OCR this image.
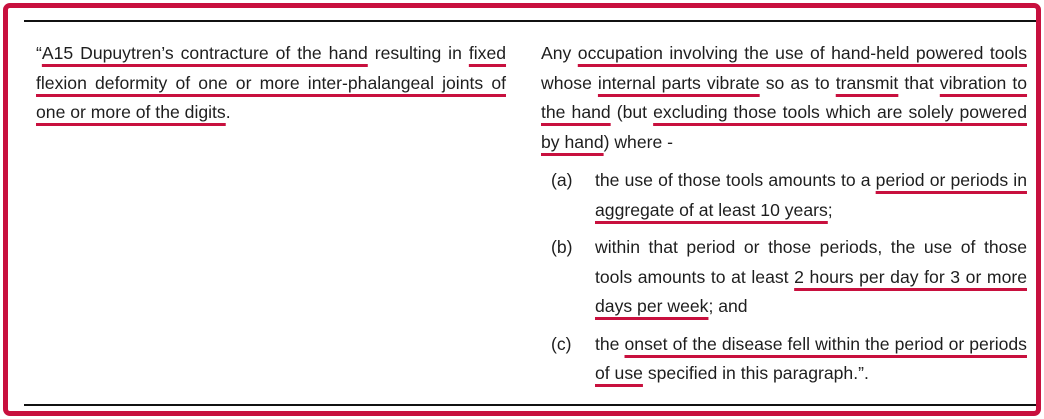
“A15 Dupuytren’s contracture of the hand resulting in fixed flexion deformity of one or more inter-phalangeal joints of one or more of the digits.

Any occupation involving the use of hand-held powered tools whose internal parts vibrate so as to transmit that vibration to the hand (but excluding those tools which are solely powered by hand) where -

(a)	the use of those tools amounts to a period or periods in aggregate of at least 10 years;
(b)	within that period or those periods, the use of those tools amounts to at least 2 hours per day for 3 or more days per week; and
(c)	the onset of the disease fell within the period or periods of use specified in this paragraph.”.
